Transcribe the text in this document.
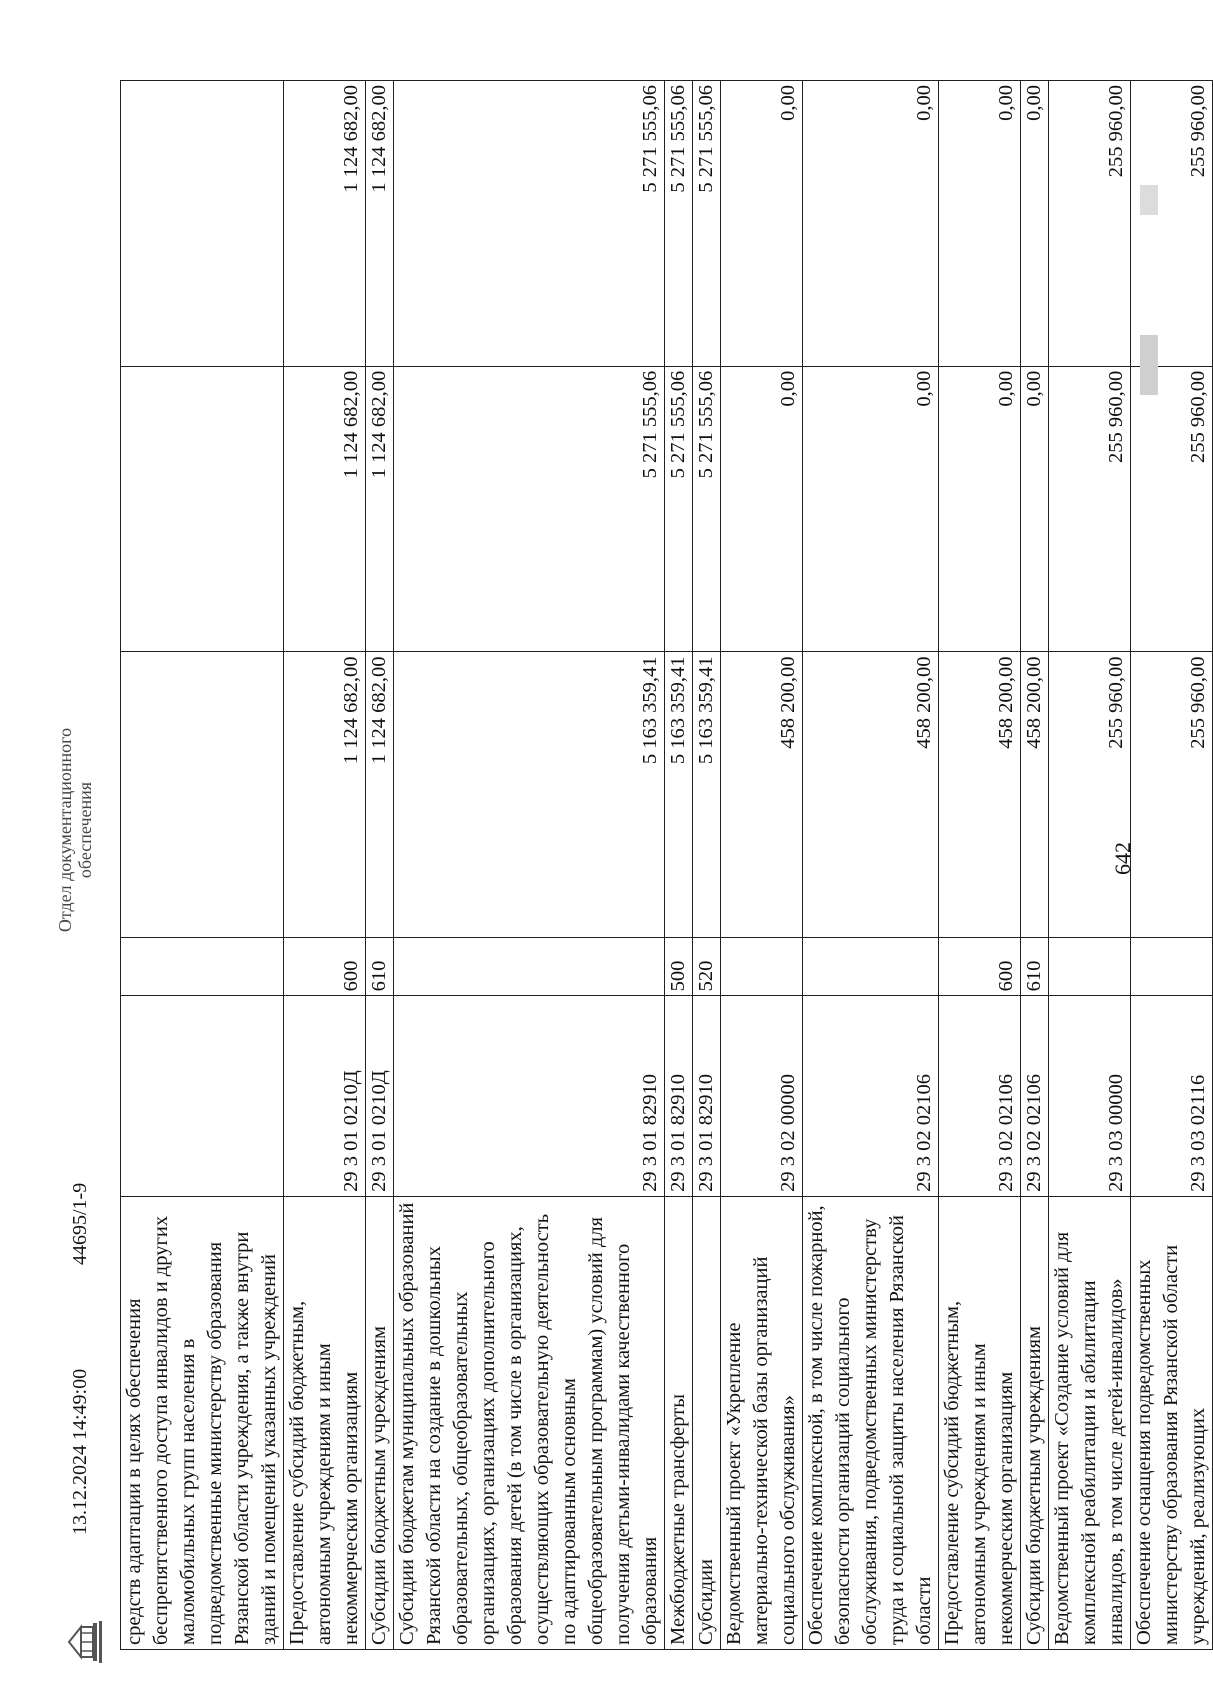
642
средств адаптации в целях обеспечения беспрепятственного доступа инвалидов и других маломобильных групп населения в подведомственные министерству образования Рязанской области учреждения, а также внутри зданий и помещений указанных учреждений					
Предоставление субсидий бюджетным, автономным учреждениям и иным некоммерческим организациям	29 3 01 0210Д	600	1 124 682,00	1 124 682,00	1 124 682,00
Субсидии бюджетным учреждениям	29 3 01 0210Д	610	1 124 682,00	1 124 682,00	1 124 682,00
Субсидии бюджетам муниципальных образований Рязанской области на создание в дошкольных образовательных, общеобразовательных организациях, организациях дополнительного образования детей (в том числе в организациях, осуществляющих образовательную деятельность по адаптированным основным общеобразовательным программам) условий для получения детьми-инвалидами качественного образования	29 3 01 82910		5 163 359,41	5 271 555,06	5 271 555,06
Межбюджетные трансферты	29 3 01 82910	500	5 163 359,41	5 271 555,06	5 271 555,06
Субсидии	29 3 01 82910	520	5 163 359,41	5 271 555,06	5 271 555,06
Ведомственный проект «Укрепление материально-технической базы организаций социального обслуживания»	29 3 02 00000		458 200,00	0,00	0,00
Обеспечение комплексной, в том числе пожарной, безопасности организаций социального обслуживания, подведомственных министерству труда и социальной защиты населения Рязанской области	29 3 02 02106		458 200,00	0,00	0,00
Предоставление субсидий бюджетным, автономным учреждениям и иным некоммерческим организациям	29 3 02 02106	600	458 200,00	0,00	0,00
Субсидии бюджетным учреждениям	29 3 02 02106	610	458 200,00	0,00	0,00
Ведомственный проект «Создание условий для комплексной реабилитации и абилитации инвалидов, в том числе детей-инвалидов»	29 3 03 00000		255 960,00	255 960,00	255 960,00
Обеспечение оснащения подведомственных министерству образования Рязанской области учреждений, реализующих	29 3 03 02116		255 960,00	255 960,00	255 960,00
13.12.2024 14:49:00
44695/1-9
Отдел документационного обеспечения
